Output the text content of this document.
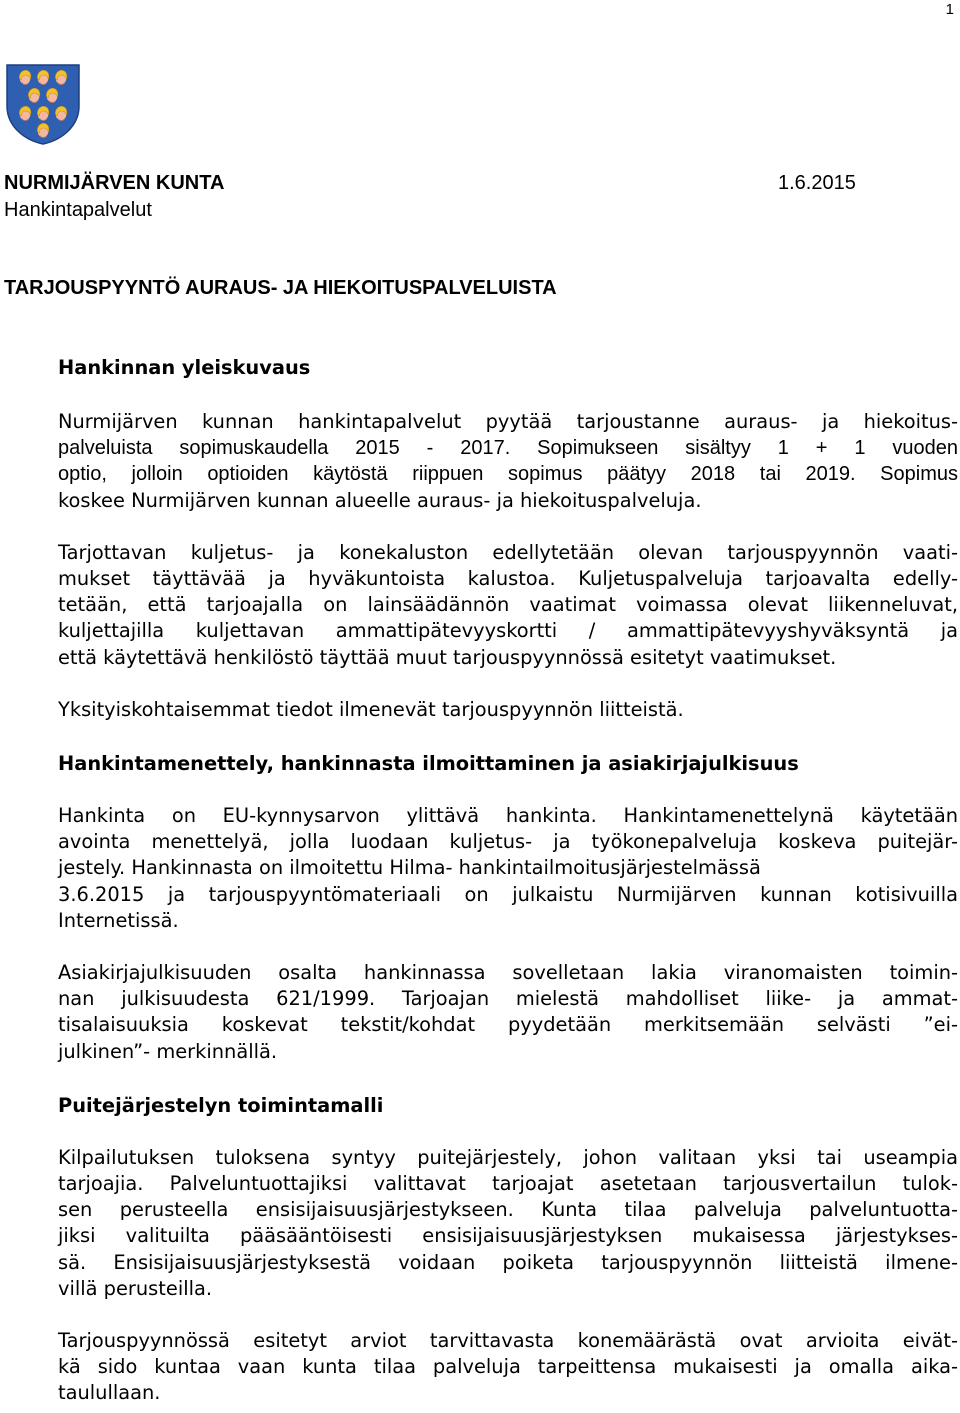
1
NURMIJÄRVEN KUNTA	1.6.2015
Hankintapalvelut
TARJOUSPYYNTÖ AURAUS- JA HIEKOITUSPALVELUISTA
Hankinnan yleiskuvaus
Nurmijärven kunnan hankintapalvelut pyytää tarjoustanne auraus- ja hiekoitus-
palveluista sopimuskaudella 2015 - 2017. Sopimukseen sisältyy 1 + 1 vuoden
optio, jolloin optioiden käytöstä riippuen sopimus päätyy 2018 tai 2019. Sopimus
koskee Nurmijärven kunnan alueelle auraus- ja hiekoituspalveluja.
Tarjottavan kuljetus- ja konekaluston edellytetään olevan tarjouspyynnön vaati-
mukset täyttävää ja hyväkuntoista kalustoa. Kuljetuspalveluja tarjoavalta edelly-
tetään, että tarjoajalla on lainsäädännön vaatimat voimassa olevat liikenneluvat,
kuljettajilla kuljettavan ammattipätevyyskortti / ammattipätevyyshyväksyntä ja
että käytettävä henkilöstö täyttää muut tarjouspyynnössä esitetyt vaatimukset.
Yksityiskohtaisemmat tiedot ilmenevät tarjouspyynnön liitteistä.
Hankintamenettely, hankinnasta ilmoittaminen ja asiakirjajulkisuus
Hankinta on EU-kynnysarvon ylittävä hankinta. Hankintamenettelynä käytetään
avointa menettelyä, jolla luodaan kuljetus- ja työkonepalveluja koskeva puitejär-
jestely. Hankinnasta on ilmoitettu Hilma- hankintailmoitusjärjestelmässä
3.6.2015 ja tarjouspyyntömateriaali on julkaistu Nurmijärven kunnan kotisivuilla
Internetissä.
Asiakirjajulkisuuden osalta hankinnassa sovelletaan lakia viranomaisten toimin-
nan julkisuudesta 621/1999. Tarjoajan mielestä mahdolliset liike- ja ammat-
tisalaisuuksia koskevat tekstit/kohdat pyydetään merkitsemään selvästi ”ei-
julkinen”- merkinnällä.
Puitejärjestelyn toimintamalli
Kilpailutuksen tuloksena syntyy puitejärjestely, johon valitaan yksi tai useampia
tarjoajia. Palveluntuottajiksi valittavat tarjoajat asetetaan tarjousvertailun tulok-
sen perusteella ensisijaisuusjärjestykseen. Kunta tilaa palveluja palveluntuotta-
jiksi valituilta pääsääntöisesti ensisijaisuusjärjestyksen mukaisessa järjestykses-
sä. Ensisijaisuusjärjestyksestä voidaan poiketa tarjouspyynnön liitteistä ilmene-
villä perusteilla.
Tarjouspyynnössä esitetyt arviot tarvittavasta konemäärästä ovat arvioita eivät-
kä sido kuntaa vaan kunta tilaa palveluja tarpeittensa mukaisesti ja omalla aika-
taulullaan.
